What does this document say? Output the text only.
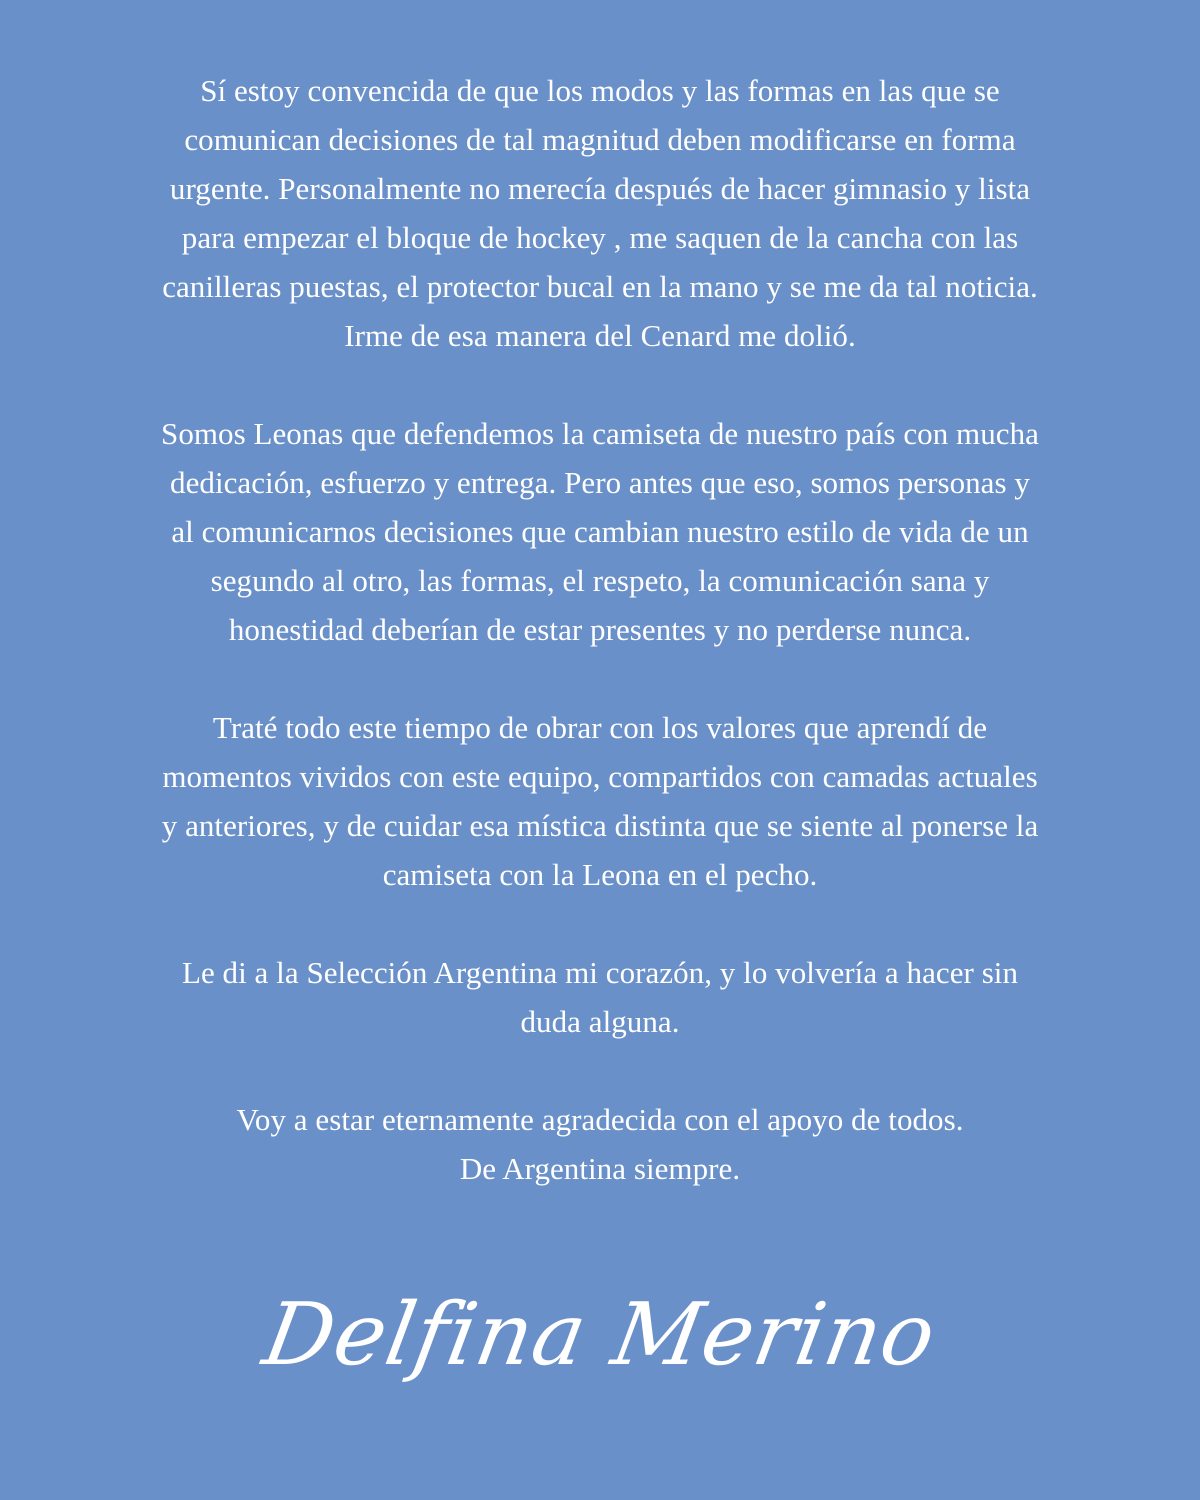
Sí estoy convencida de que los modos y las formas en las que se
comunican decisiones de tal magnitud deben modificarse en forma
urgente. Personalmente no merecía después de hacer gimnasio y lista
para empezar el bloque de hockey , me saquen de la cancha con las
canilleras puestas, el protector bucal en la mano y se me da tal noticia.
Irme de esa manera del Cenard me dolió.
Somos Leonas que defendemos la camiseta de nuestro país con mucha
dedicación, esfuerzo y entrega. Pero antes que eso, somos personas y
al comunicarnos decisiones que cambian nuestro estilo de vida de un
segundo al otro, las formas, el respeto, la comunicación sana y
honestidad deberían de estar presentes y no perderse nunca.
Traté todo este tiempo de obrar con los valores que aprendí de
momentos vividos con este equipo, compartidos con camadas actuales
y anteriores, y de cuidar esa mística distinta que se siente al ponerse la
camiseta con la Leona en el pecho.
Le di a la Selección Argentina mi corazón, y lo volvería a hacer sin
duda alguna.
Voy a estar eternamente agradecida con el apoyo de todos.
De Argentina siempre.
Delfina Merino
